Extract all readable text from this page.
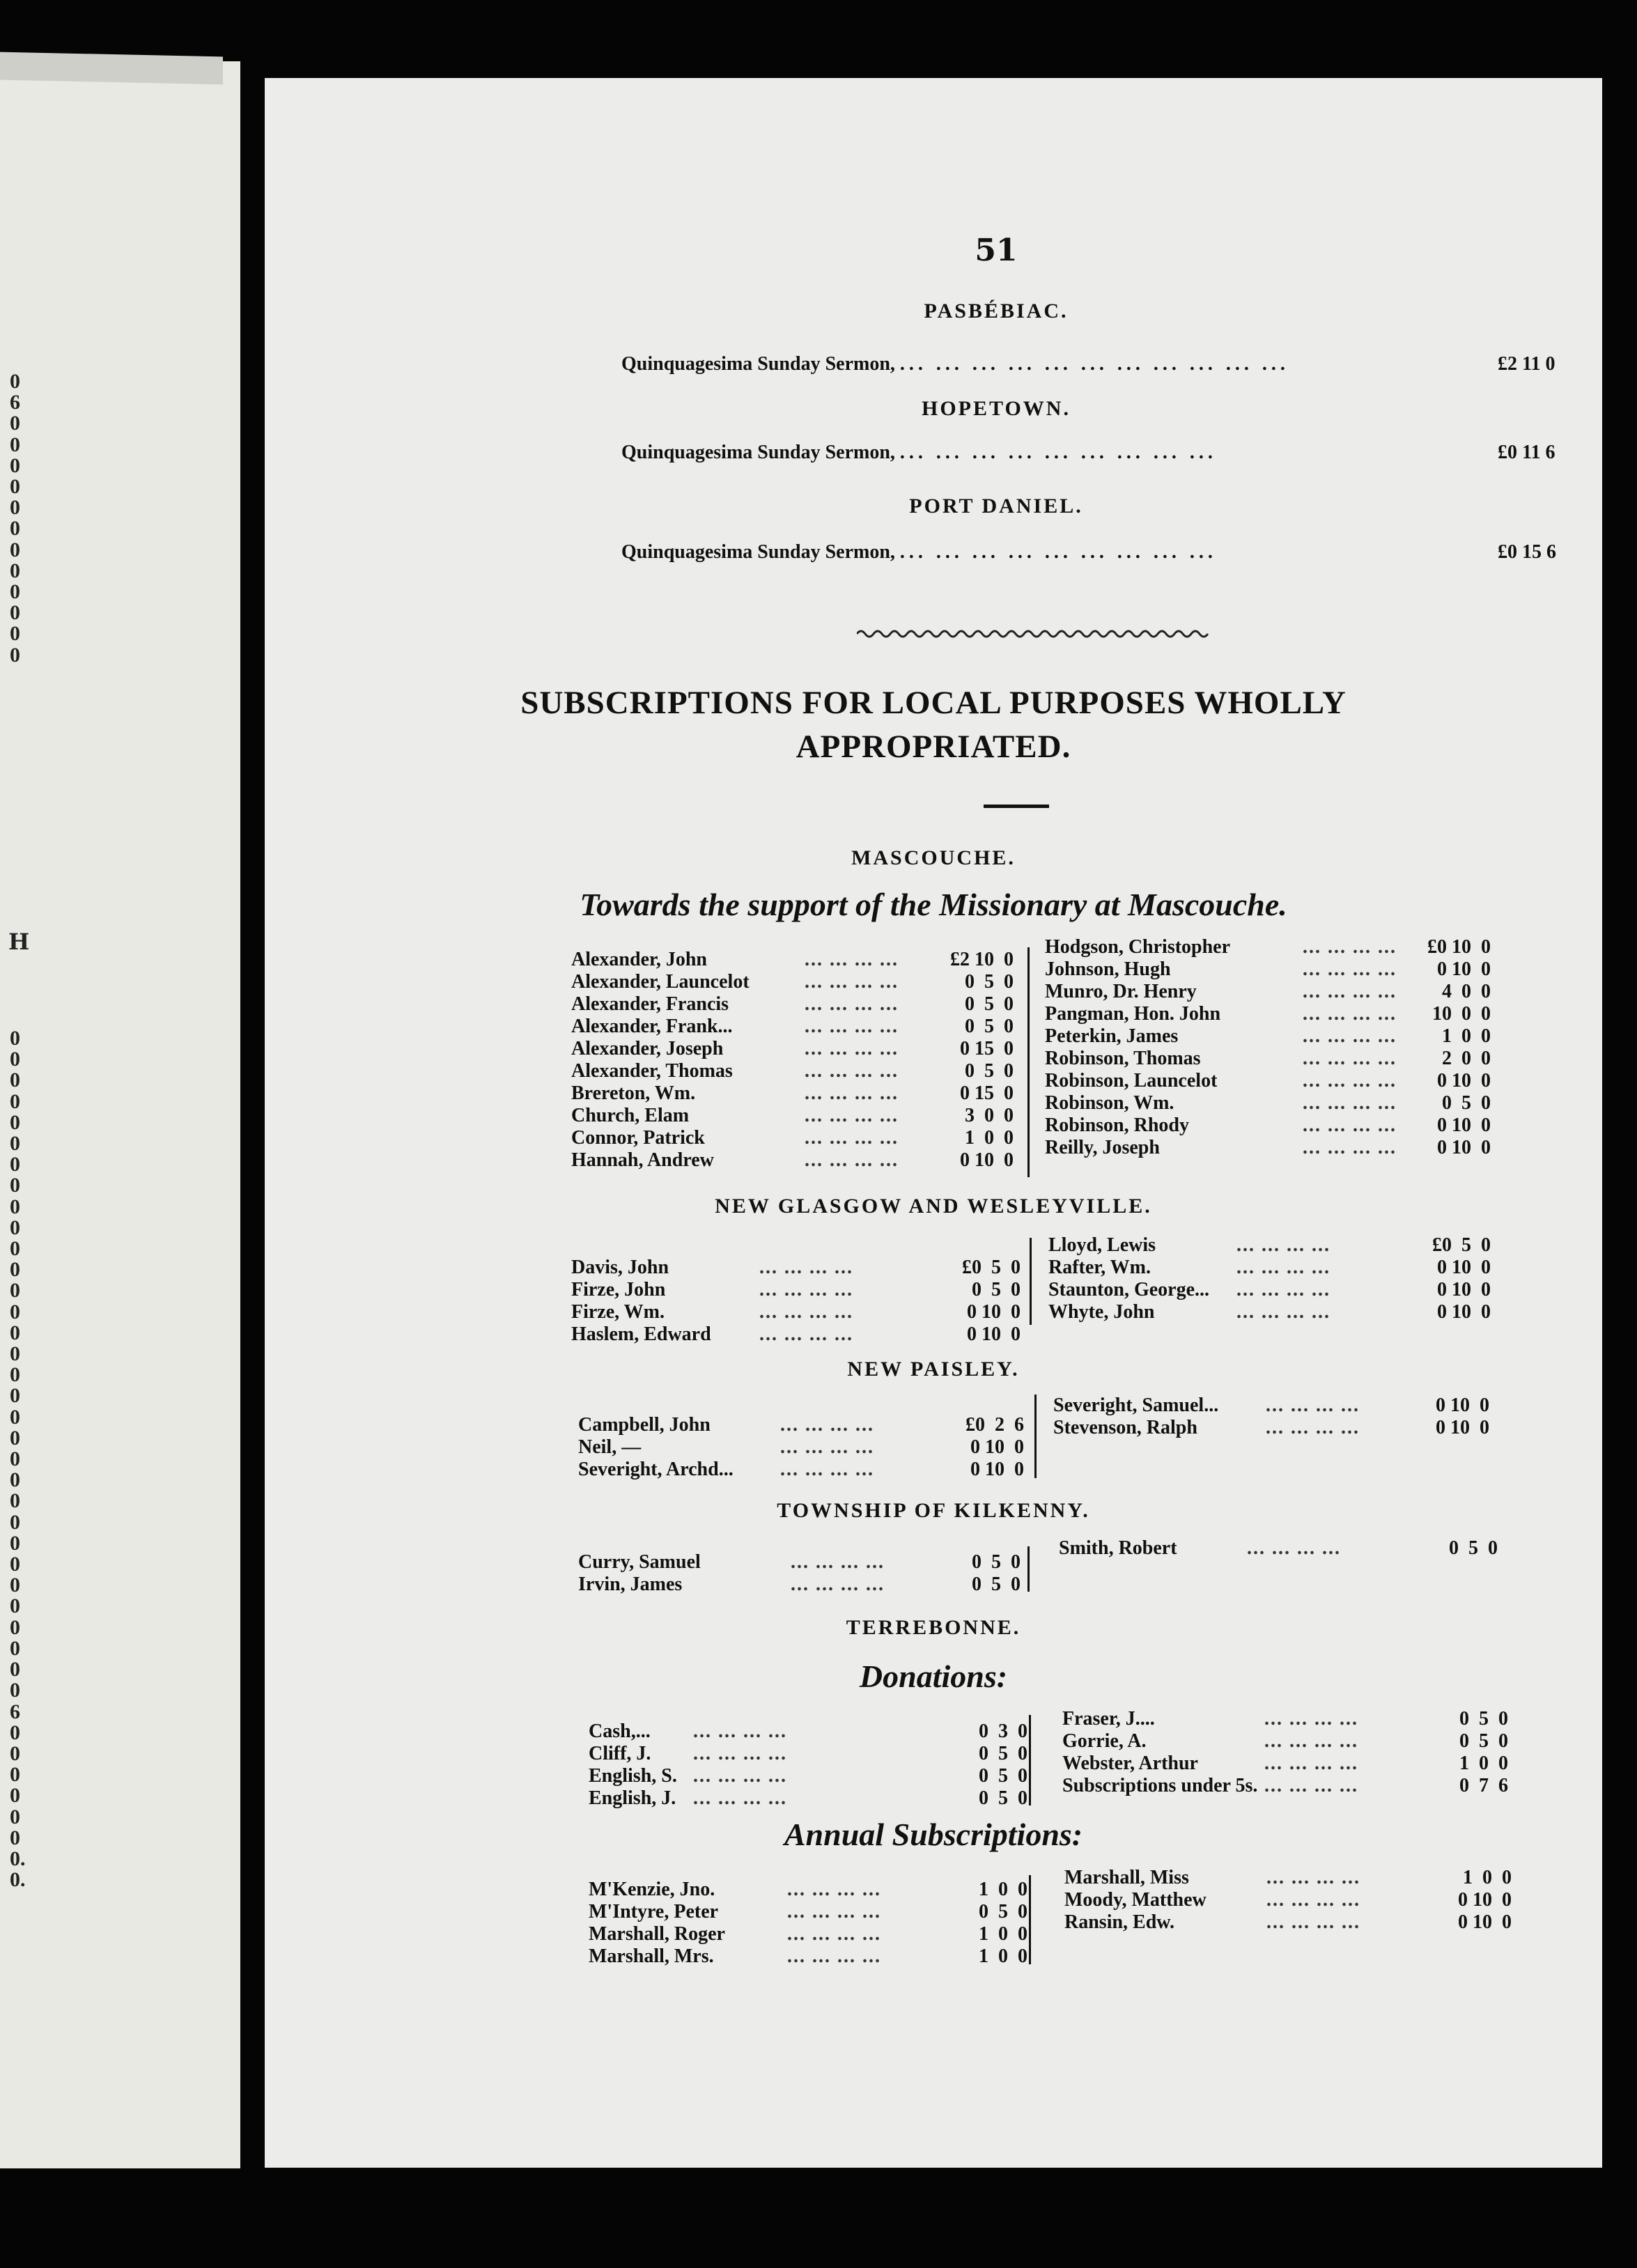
0
6
0
0
0
0
0
0
0
0
0
0
0
0
H
0
0
0
0
0
0
0
0
0
0
0
0
0
0
0
0
0
0
0
0
0
0
0
0
0
0
0
0
0
0
0
0
6
0
0
0
0
0
0
0.
0.
51
PASBÉBIAC.
Quinquagesima Sunday Sermon, ... ... ... ... ... ... ... ... ... ... ...	£2 11 0
HOPETOWN.
Quinquagesima Sunday Sermon, ... ... ... ... ... ... ... ... ...	£0 11 6
PORT DANIEL.
Quinquagesima Sunday Sermon, ... ... ... ... ... ... ... ... ...	£0 15 6
SUBSCRIPTIONS FOR LOCAL PURPOSES WHOLLY
APPROPRIATED.
MASCOUCHE.
Towards the support of the Missionary at Mascouche.
NEW GLASGOW AND WESLEYVILLE.
NEW PAISLEY.
TOWNSHIP OF KILKENNY.
TERREBONNE.
Donations:
Annual Subscriptions:
Alexander, John	... ... ... ...	£2 10  0
Alexander, Launcelot	... ... ... ...	0  5  0
Alexander, Francis	... ... ... ...	0  5  0
Alexander, Frank...	... ... ... ...	0  5  0
Alexander, Joseph	... ... ... ...	0 15  0
Alexander, Thomas	... ... ... ...	0  5  0
Brereton, Wm.	... ... ... ...	0 15  0
Church, Elam	... ... ... ...	3  0  0
Connor, Patrick	... ... ... ...	1  0  0
Hannah, Andrew	... ... ... ...	0 10  0
Hodgson, Christopher	... ... ... ... £0 10  0
Johnson, Hugh	... ... ... ... 0 10  0
Munro, Dr. Henry	... ... ... ... 4  0  0
Pangman, Hon. John	... ... ... ... 10  0  0
Peterkin, James	... ... ... ... 1  0  0
Robinson, Thomas	... ... ... ... 2  0  0
Robinson, Launcelot	... ... ... ... 0 10  0
Robinson, Wm.	... ... ... ... 0  5  0
Robinson, Rhody	... ... ... ... 0 10  0
Reilly, Joseph	... ... ... ... 0 10  0
Davis, John	... ... ... ...	£0  5  0
Firze, John	... ... ... ...	0  5  0
Firze, Wm.	... ... ... ...	0 10  0
Haslem, Edward ... ... ... ...	0 10  0
Lloyd, Lewis	... ... ... ...	£0  5  0
Rafter, Wm.	... ... ... ...	0 10  0
Staunton, George... ... ... ... ...	0 10  0
Whyte, John	... ... ... ...	0 10  0
Campbell, John	... ... ... ...	£0  2  6
Neil, —	... ... ... ...	0 10  0
Severight, Archd... ... ... ... ...	0 10  0
Severight, Samuel... ... ... ... ...	0 10  0
Stevenson, Ralph	... ... ... ...	0 10  0
Curry, Samuel	... ... ... ...	0  5  0
Irvin, James	... ... ... ...	0  5  0
Smith, Robert	... ... ... ...	0  5  0
Cash,... ... ... ... ...	0  3  0
Cliff, J. ... ... ... ...	0  5  0
English, S. ... ... ... ...	0  5  0
English, J. ... ... ... ...	0  5  0
Fraser, J....	... ... ... ...	0  5  0
Gorrie, A.	... ... ... ...	0  5  0
Webster, Arthur	... ... ... ...	1  0  0
Subscriptions under 5s. ... ... ... ...	0  7  6
M'Kenzie, Jno.	... ... ... ...	1  0  0
M'Intyre, Peter	... ... ... ...	0  5  0
Marshall, Roger	... ... ... ...	1  0  0
Marshall, Mrs.	... ... ... ...	1  0  0
Marshall, Miss	... ... ... ...	1  0  0
Moody, Matthew	... ... ... ...	0 10  0
Ransin, Edw.	... ... ... ...	0 10  0
